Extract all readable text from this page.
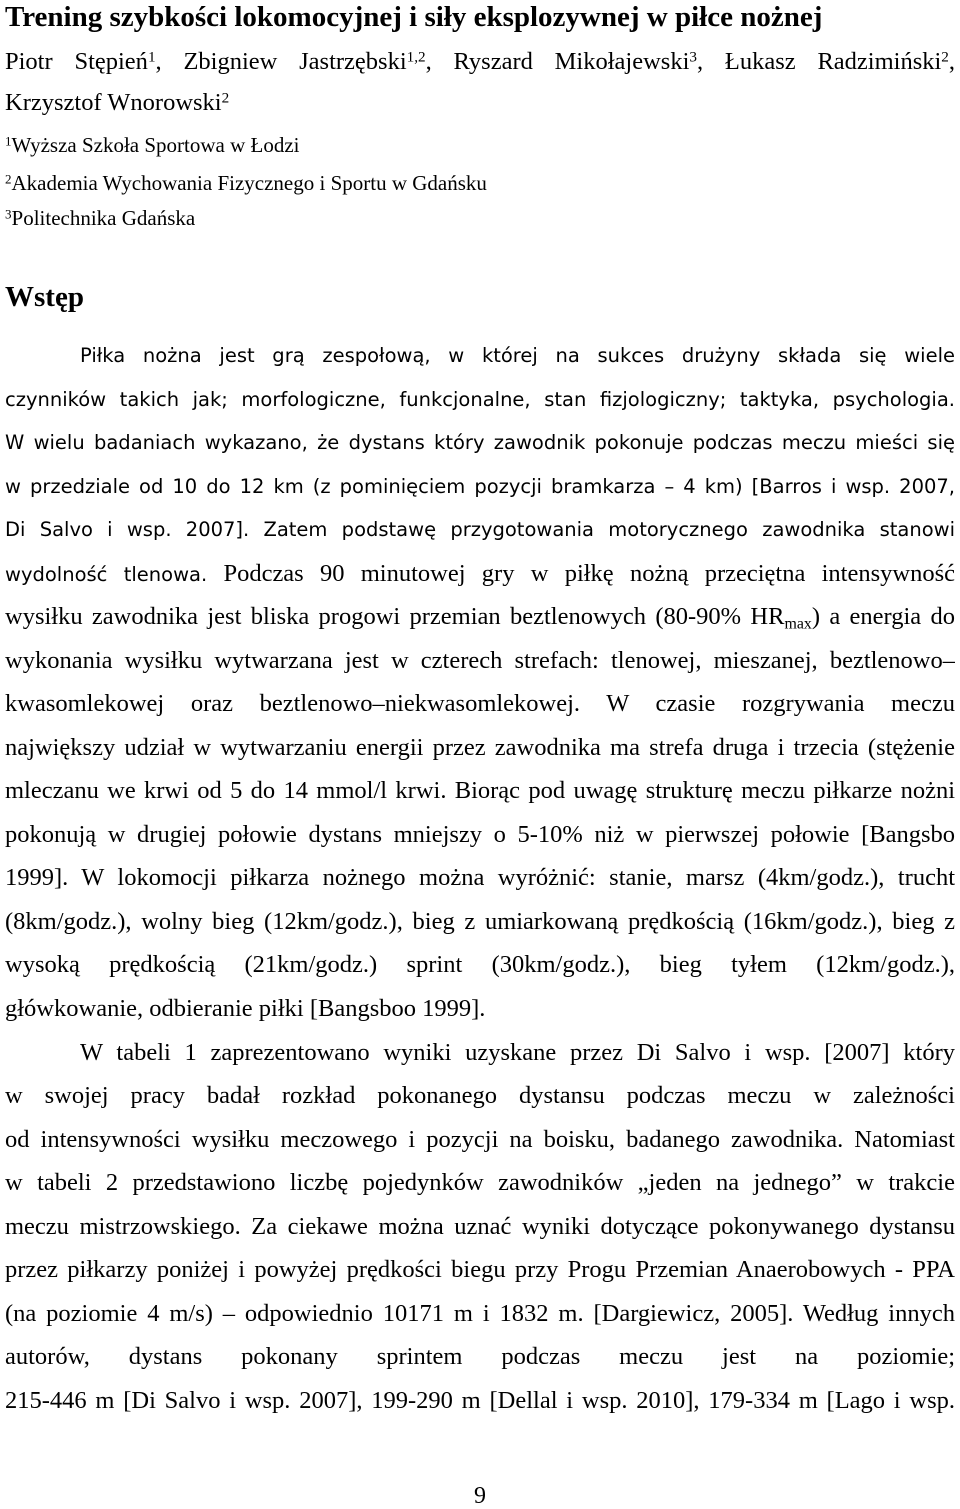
Trening szybkości lokomocyjnej i siły eksplozywnej w piłce nożnej
Piotr Stępień$^1$, Zbigniew Jastrzębski$^{1,2}$, Ryszard Mikołajewski$^3$, Łukasz Radzimiński$^2$,
Krzysztof Wnorowski$^2$
$^1$Wyższa Szkoła Sportowa w Łodzi
$^2$Akademia Wychowania Fizycznego i Sportu w Gdańsku
$^3$Politechnika Gdańska
Wstęp
Piłka nożna jest grą zespołową, w której na sukces drużyny składa się wiele
czynników takich jak; morfologiczne, funkcjonalne, stan fizjologiczny; taktyka, psychologia.
W wielu badaniach wykazano, że dystans który zawodnik pokonuje podczas meczu mieści się
w przedziale od 10 do 12 km (z pominięciem pozycji bramkarza – 4 km) [Barros i wsp. 2007,
Di Salvo i wsp. 2007]. Zatem podstawę przygotowania motorycznego zawodnika stanowi
wydolność tlenowa. Podczas 90 minutowej gry w piłkę nożną przeciętna intensywność
wysiłku zawodnika jest bliska progowi przemian beztlenowych (80-90% $HR_{max}$) a energia do
wykonania wysiłku wytwarzana jest w czterech strefach: tlenowej, mieszanej, beztlenowo–
kwasomlekowej oraz beztlenowo–niekwasomlekowej. W czasie rozgrywania meczu
największy udział w wytwarzaniu energii przez zawodnika ma strefa druga i trzecia (stężenie
mleczanu we krwi od 5 do 14 mmol/l krwi. Biorąc pod uwagę strukturę meczu piłkarze nożni
pokonują w drugiej połowie dystans mniejszy o 5-10% niż w pierwszej połowie [Bangsbo
1999]. W lokomocji piłkarza nożnego można wyróżnić: stanie, marsz (4km/godz.), trucht
(8km/godz.), wolny bieg (12km/godz.), bieg z umiarkowaną prędkością (16km/godz.), bieg z
wysoką prędkością (21km/godz.) sprint (30km/godz.), bieg tyłem (12km/godz.),
główkowanie, odbieranie piłki [Bangsboo 1999].
W tabeli 1 zaprezentowano wyniki uzyskane przez Di Salvo i wsp. [2007] który
w swojej pracy badał rozkład pokonanego dystansu podczas meczu w zależności
od intensywności wysiłku meczowego i pozycji na boisku, badanego zawodnika. Natomiast
w tabeli 2 przedstawiono liczbę pojedynków zawodników „jeden na jednego” w trakcie
meczu mistrzowskiego. Za ciekawe można uznać wyniki dotyczące pokonywanego dystansu
przez piłkarzy poniżej i powyżej prędkości biegu przy Progu Przemian Anaerobowych - PPA
(na poziomie 4 m/s) – odpowiednio 10171 m i 1832 m. [Dargiewicz, 2005]. Według innych
autorów, dystans pokonany sprintem podczas meczu jest na poziomie;
215-446 m [Di Salvo i wsp. 2007], 199-290 m [Dellal i wsp. 2010], 179-334 m [Lago i wsp.
9
